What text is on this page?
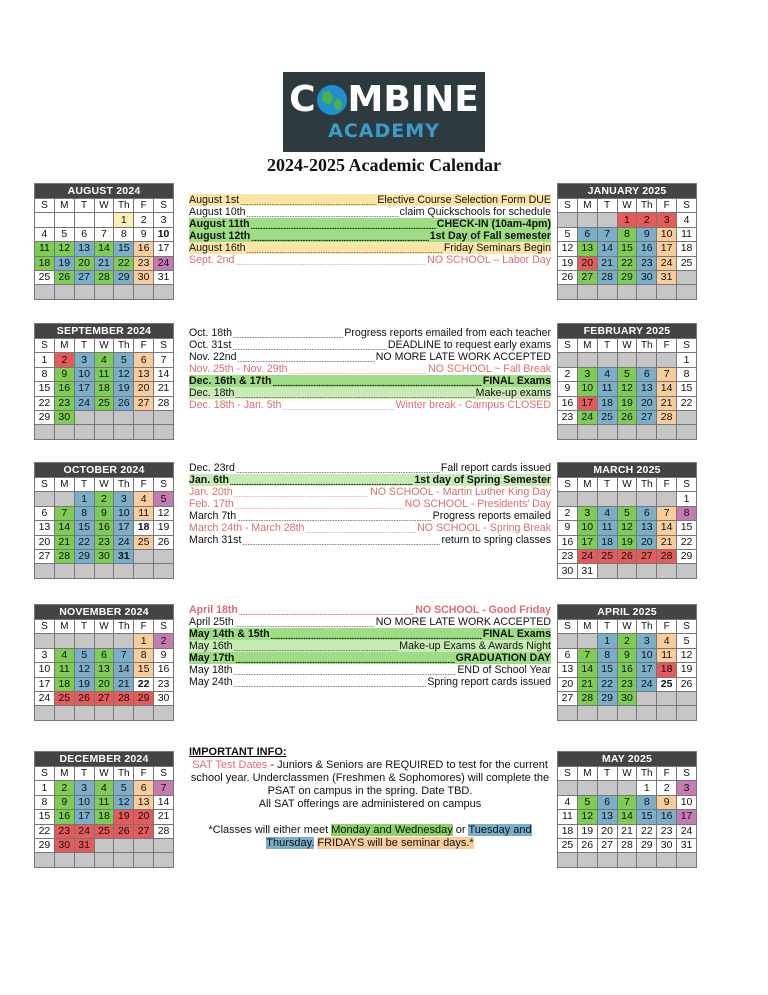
C MBINE
ACADEMY
2024-2025 Academic Calendar
AUGUST 2024						
S	M	T	W	Th	F	S
				1	2	3
4	5	6	7	8	9	10
11	12	13	14	15	16	17
18	19	20	21	22	23	24
25	26	27	28	29	30	31

SEPTEMBER 2024						
S	M	T	W	Th	F	S
1	2	3	4	5	6	7
8	9	10	11	12	13	14
15	16	17	18	19	20	21
22	23	24	25	26	27	28
29	30					

OCTOBER 2024						
S	M	T	W	Th	F	S
		1	2	3	4	5
6	7	8	9	10	11	12
13	14	15	16	17	18	19
20	21	22	23	24	25	26
27	28	29	30	31		

NOVEMBER 2024						
S	M	T	W	Th	F	S
					1	2
3	4	5	6	7	8	9
10	11	12	13	14	15	16
17	18	19	20	21	22	23
24	25	26	27	28	29	30

DECEMBER 2024						
S	M	T	W	Th	F	S
1	2	3	4	5	6	7
8	9	10	11	12	13	14
15	16	17	18	19	20	21
22	23	24	25	26	27	28
29	30	31				

JANUARY 2025						
S	M	T	W	Th	F	S
			1	2	3	4
5	6	7	8	9	10	11
12	13	14	15	16	17	18
19	20	21	22	23	24	25
26	27	28	29	30	31	

FEBRUARY 2025						
S	M	T	W	Th	F	S
						1
2	3	4	5	6	7	8
9	10	11	12	13	14	15
16	17	18	19	20	21	22
23	24	25	26	27	28	

MARCH 2025						
S	M	T	W	Th	F	S
						1
2	3	4	5	6	7	8
9	10	11	12	13	14	15
16	17	18	19	20	21	22
23	24	25	26	27	28	29
30	31					
APRIL 2025						
S	M	T	W	Th	F	S
		1	2	3	4	5
6	7	8	9	10	11	12
13	14	15	16	17	18	19
20	21	22	23	24	25	26
27	28	29	30			

MAY 2025						
S	M	T	W	Th	F	S
				1	2	3
4	5	6	7	8	9	10
11	12	13	14	15	16	17
18	19	20	21	22	23	24
25	26	27	28	29	30	31

August 1st .....	Elective Course Selection Form DUE
August 10th .....	claim Quickschools for schedule
August 11th .....	CHECK-IN (10am-4pm)
August 12th .....	1st Day of Fall semester
August 16th .....	Friday Seminars Begin
Sept. 2nd .....	NO SCHOOL – Labor Day
Oct. 18th .....	Progress reports emailed from each teacher
Oct. 31st .....	DEADLINE to request early exams
Nov. 22nd .....	NO MORE LATE WORK ACCEPTED
Nov. 25th - Nov. 29th .....	NO SCHOOL ~ Fall Break
Dec. 16th & 17th .....	FINAL Exams
Dec. 18th .....	Make-up exams
Dec. 18th - Jan. 5th .....	Winter break - Campus CLOSED
Dec. 23rd .....	Fall report cards issued
Jan. 6th .....	1st day of Spring Semester
Jan. 20th .....	NO SCHOOL - Martin Luther King Day
Feb. 17th .....	NO SCHOOL - Presidents’ Day
March 7th .....	Progress reports emailed
March 24th - March 28th .....	NO SCHOOL - Spring Break
March 31st .....	return to spring classes
April 18th .....	NO SCHOOL - Good Friday
April 25th .....	NO MORE LATE WORK ACCEPTED
May 14th & 15th .....	FINAL Exams
May 16th .....	Make-up Exams & Awards Night
May 17th .....	GRADUATION DAY
May 18th .....	END of School Year
May 24th .....	Spring report cards issued
IMPORTANT INFO:

SAT Test Dates - Juniors & Seniors are REQUIRED to test for the current school year. Underclassmen (Freshmen & Sophomores) will complete the PSAT on campus in the spring. Date TBD.

All SAT offerings are administered on campus

*Classes will either meet Monday and Wednesday or Tuesday and Thursday. FRIDAYS will be seminar days.*
